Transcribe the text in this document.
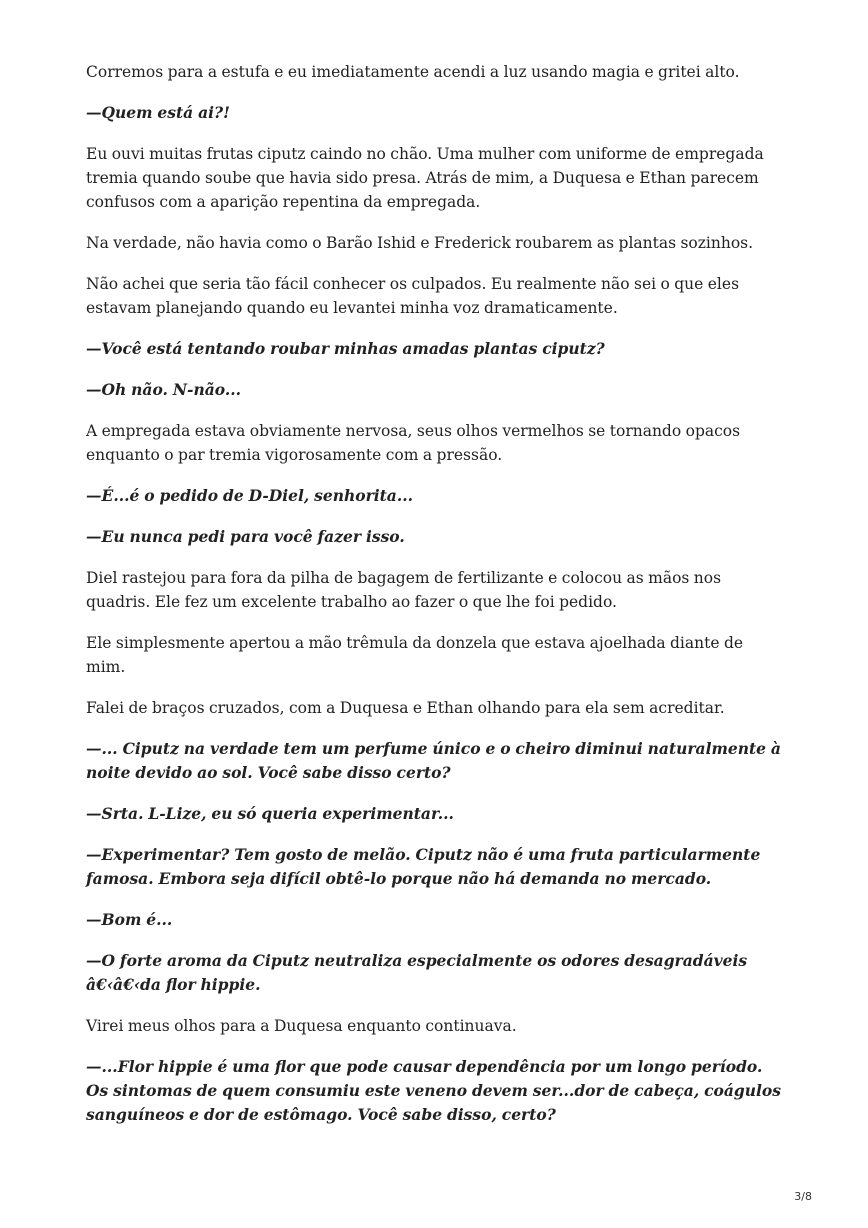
Corremos para a estufa e eu imediatamente acendi a luz usando magia e gritei alto.

—Quem está ai?!

Eu ouvi muitas frutas ciputz caindo no chão. Uma mulher com uniforme de empregada tremia quando soube que havia sido presa. Atrás de mim, a Duquesa e Ethan parecem confusos com a aparição repentina da empregada.

Na verdade, não havia como o Barão Ishid e Frederick roubarem as plantas sozinhos.

Não achei que seria tão fácil conhecer os culpados. Eu realmente não sei o que eles estavam planejando quando eu levantei minha voz dramaticamente.

—Você está tentando roubar minhas amadas plantas ciputz?

—Oh não. N-não...

A empregada estava obviamente nervosa, seus olhos vermelhos se tornando opacos enquanto o par tremia vigorosamente com a pressão.

—É...é o pedido de D-Diel, senhorita...

—Eu nunca pedi para você fazer isso.

Diel rastejou para fora da pilha de bagagem de fertilizante e colocou as mãos nos quadris. Ele fez um excelente trabalho ao fazer o que lhe foi pedido.

Ele simplesmente apertou a mão trêmula da donzela que estava ajoelhada diante de mim.

Falei de braços cruzados, com a Duquesa e Ethan olhando para ela sem acreditar.

—... Ciputz na verdade tem um perfume único e o cheiro diminui naturalmente à noite devido ao sol. Você sabe disso certo?

—Srta. L-Lize, eu só queria experimentar...

—Experimentar? Tem gosto de melão. Ciputz não é uma fruta particularmente famosa. Embora seja difícil obtê-lo porque não há demanda no mercado.

—Bom é...

—O forte aroma da Ciputz neutraliza especialmente os odores desagradáveis â€‹â€‹da flor hippie.

Virei meus olhos para a Duquesa enquanto continuava.

—...Flor hippie é uma flor que pode causar dependência por um longo período. Os sintomas de quem consumiu este veneno devem ser...dor de cabeça, coágulos sanguíneos e dor de estômago. Você sabe disso, certo?

3/8
